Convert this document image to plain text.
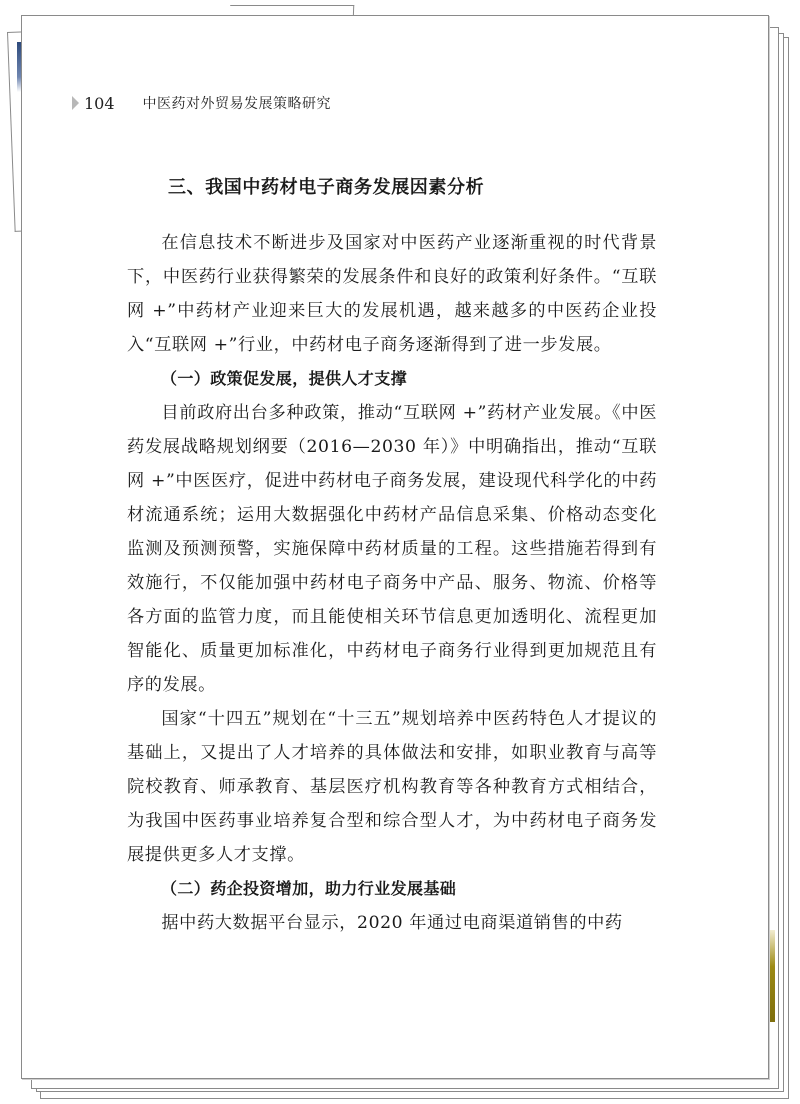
104 中医药对外贸易发展策略研究
三、我国中药材电子商务发展因素分析

在信息技术不断进步及国家对中医药产业逐渐重视的时代背景下，中医药行业获得繁荣的发展条件和良好的政策利好条件。“互联网 +”中药材产业迎来巨大的发展机遇，越来越多的中医药企业投入“互联网 +”行业，中药材电子商务逐渐得到了进一步发展。

（一）政策促发展，提供人才支撑

目前政府出台多种政策，推动“互联网 +”药材产业发展。《中医药发展战略规划纲要（2016—2030 年）》中明确指出，推动“互联网 +”中医医疗，促进中药材电子商务发展，建设现代科学化的中药材流通系统；运用大数据强化中药材产品信息采集、价格动态变化监测及预测预警，实施保障中药材质量的工程。这些措施若得到有效施行，不仅能加强中药材电子商务中产品、服务、物流、价格等各方面的监管力度，而且能使相关环节信息更加透明化、流程更加智能化、质量更加标准化，中药材电子商务行业得到更加规范且有序的发展。

国家“十四五”规划在“十三五”规划培养中医药特色人才提议的基础上，又提出了人才培养的具体做法和安排，如职业教育与高等院校教育、师承教育、基层医疗机构教育等各种教育方式相结合，为我国中医药事业培养复合型和综合型人才，为中药材电子商务发展提供更多人才支撑。

（二）药企投资增加，助力行业发展基础

据中药大数据平台显示，2020 年通过电商渠道销售的中药
